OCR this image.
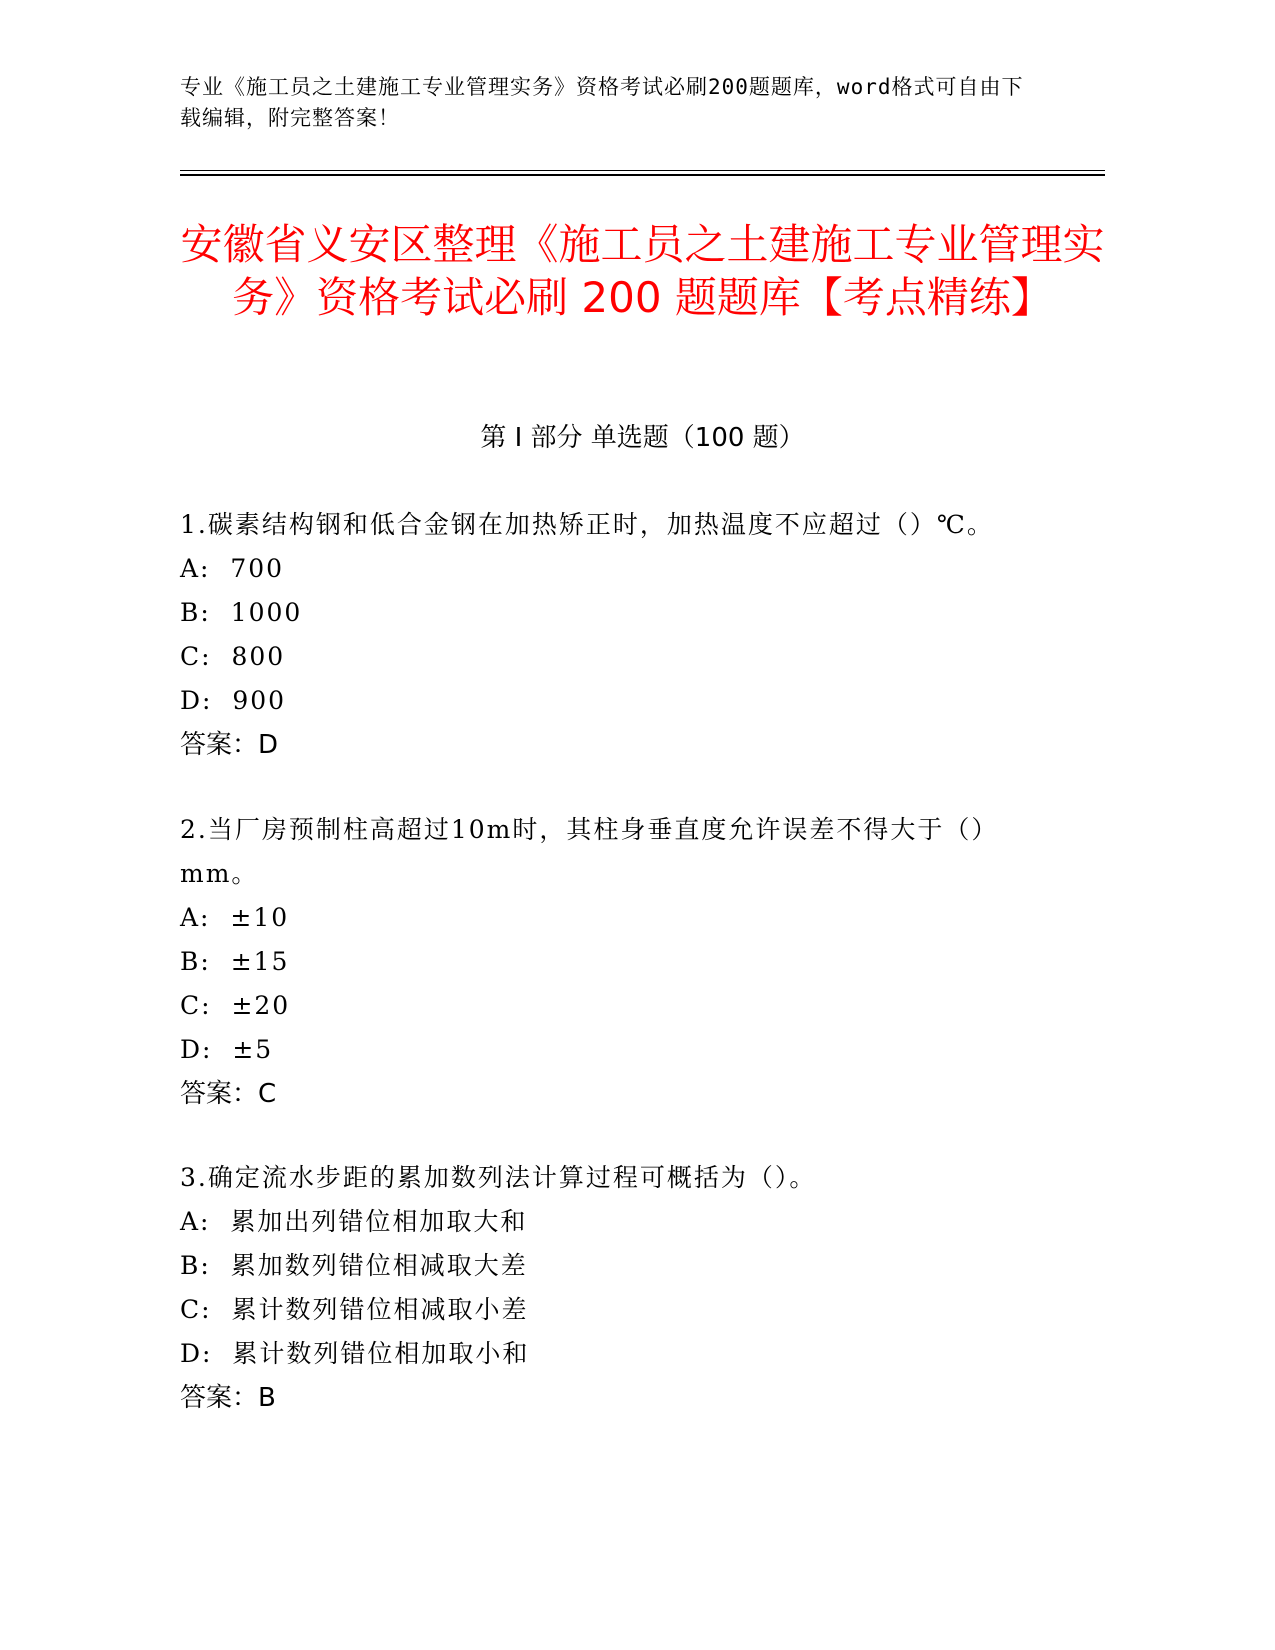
专业《施工员之土建施工专业管理实务》资格考试必刷200题题库，word格式可自由下载编辑，附完整答案！
安徽省义安区整理《施工员之土建施工专业管理实务》资格考试必刷 200 题题库【考点精练】
第 I 部分 单选题（100 题）
1.碳素结构钢和低合金钢在加热矫正时，加热温度不应超过（）℃。
A:  700
B:  1000
C:  800
D:  900
答案：D
2.当厂房预制柱高超过10m时，其柱身垂直度允许误差不得大于（）mm。
A:  ±10
B:  ±15
C:  ±20
D:  ±5
答案：C
3.确定流水步距的累加数列法计算过程可概括为（）。
A:  累加出列错位相加取大和
B:  累加数列错位相减取大差
C:  累计数列错位相减取小差
D:  累计数列错位相加取小和
答案：B
